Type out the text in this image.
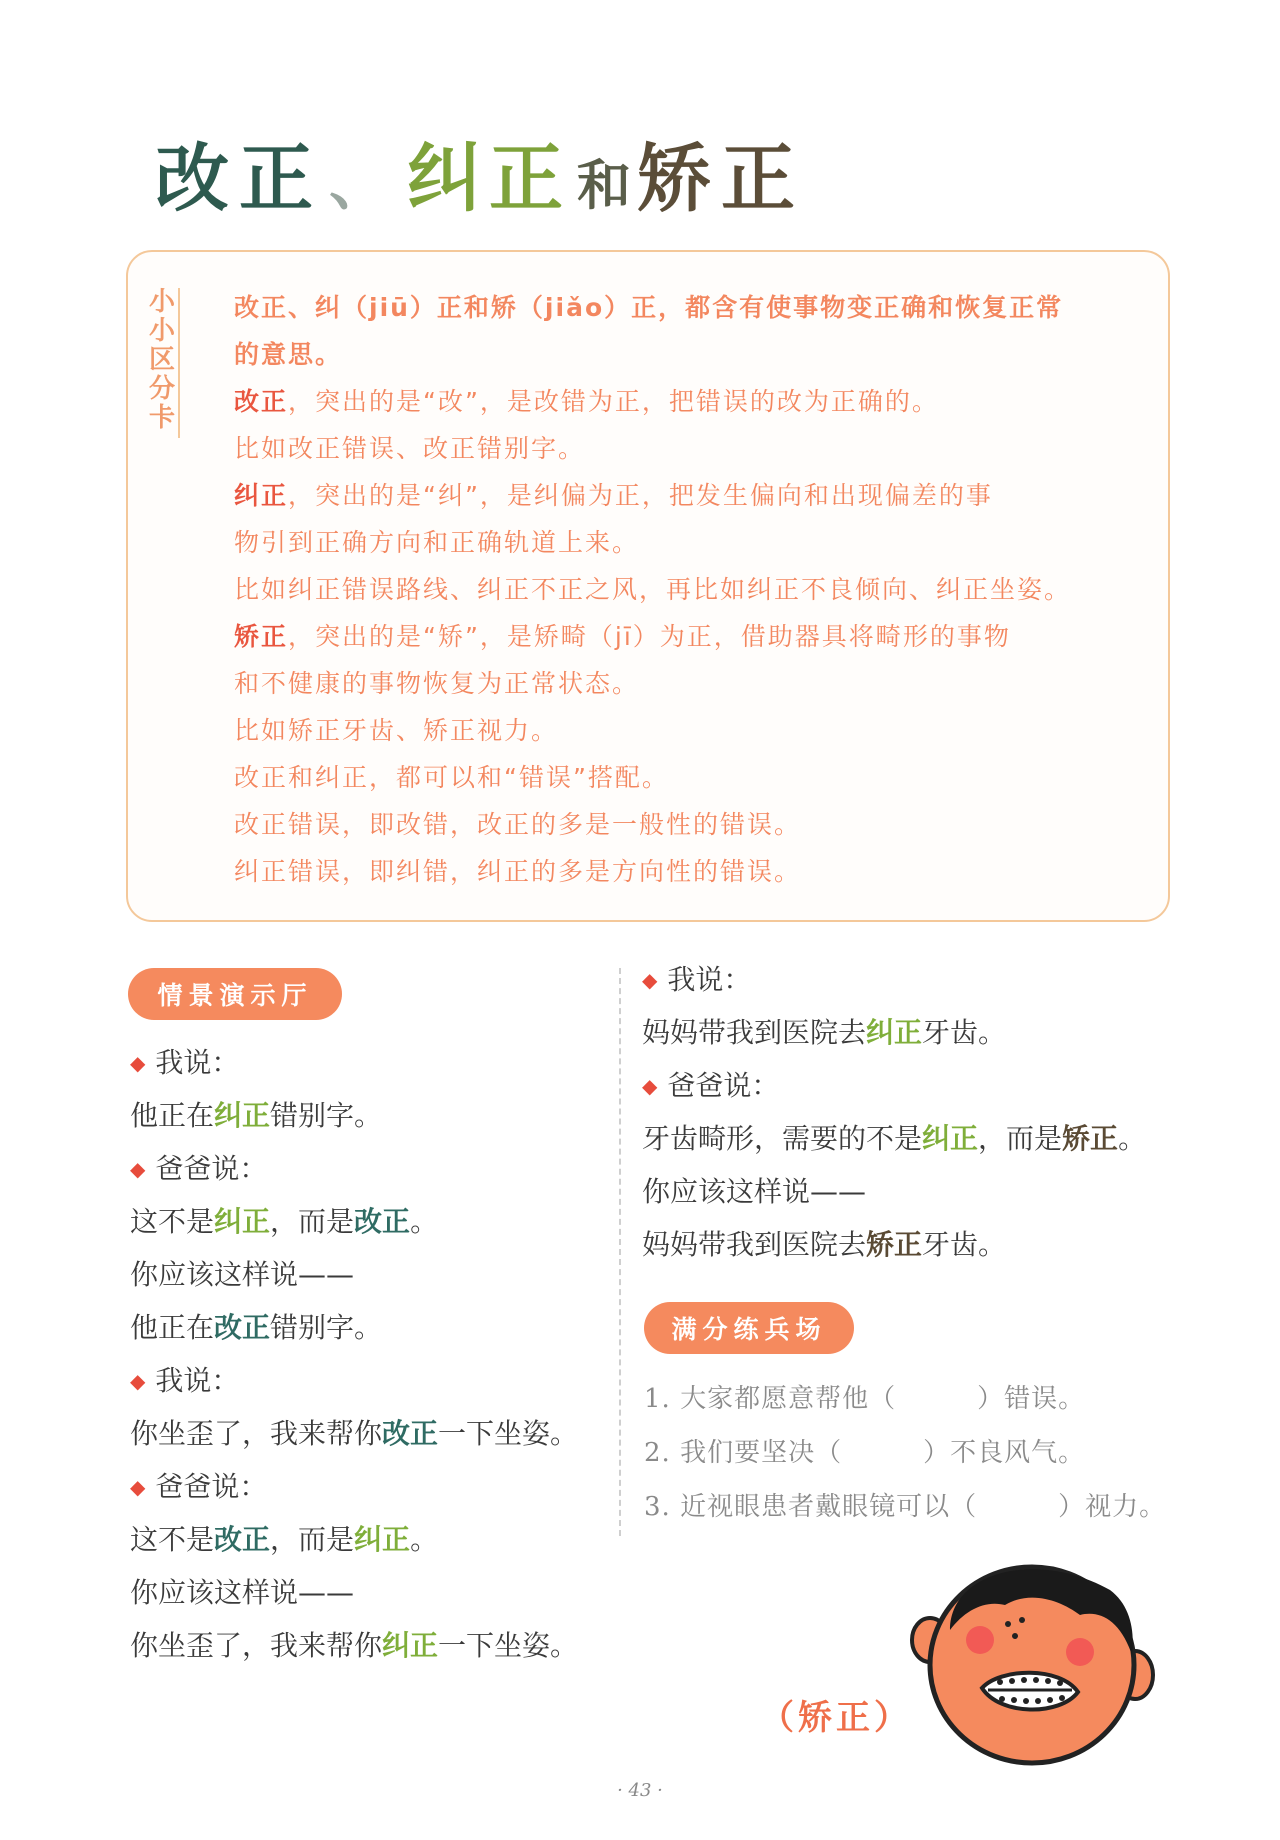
改正 、 纠正 和 矫正
小
小
区
分
卡
改正、纠（jiū）正和矫（jiǎo）正，都含有使事物变正确和恢复正常
的意思。
改正，突出的是“改”，是改错为正，把错误的改为正确的。
比如改正错误、改正错别字。
纠正，突出的是“纠”，是纠偏为正，把发生偏向和出现偏差的事
物引到正确方向和正确轨道上来。
比如纠正错误路线、纠正不正之风，再比如纠正不良倾向、纠正坐姿。
矫正，突出的是“矫”，是矫畸（jī）为正，借助器具将畸形的事物
和不健康的事物恢复为正常状态。
比如矫正牙齿、矫正视力。
改正和纠正，都可以和“错误”搭配。
改正错误，即改错，改正的多是一般性的错误。
纠正错误，即纠错，纠正的多是方向性的错误。
情景演示厅
◆ 我说：
他正在纠正错别字。
◆ 爸爸说：
这不是纠正，而是改正。
你应该这样说——
他正在改正错别字。
◆ 我说：
你坐歪了，我来帮你改正一下坐姿。
◆ 爸爸说：
这不是改正，而是纠正。
你应该这样说——
你坐歪了，我来帮你纠正一下坐姿。
◆ 我说：
妈妈带我到医院去纠正牙齿。
◆ 爸爸说：
牙齿畸形，需要的不是纠正，而是矫正。
你应该这样说——
妈妈带我到医院去矫正牙齿。
满分练兵场
1. 大家都愿意帮他（　　　）错误。
2. 我们要坚决（　　　）不良风气。
3. 近视眼患者戴眼镜可以（　　　）视力。
（矫正）
· 43 ·
